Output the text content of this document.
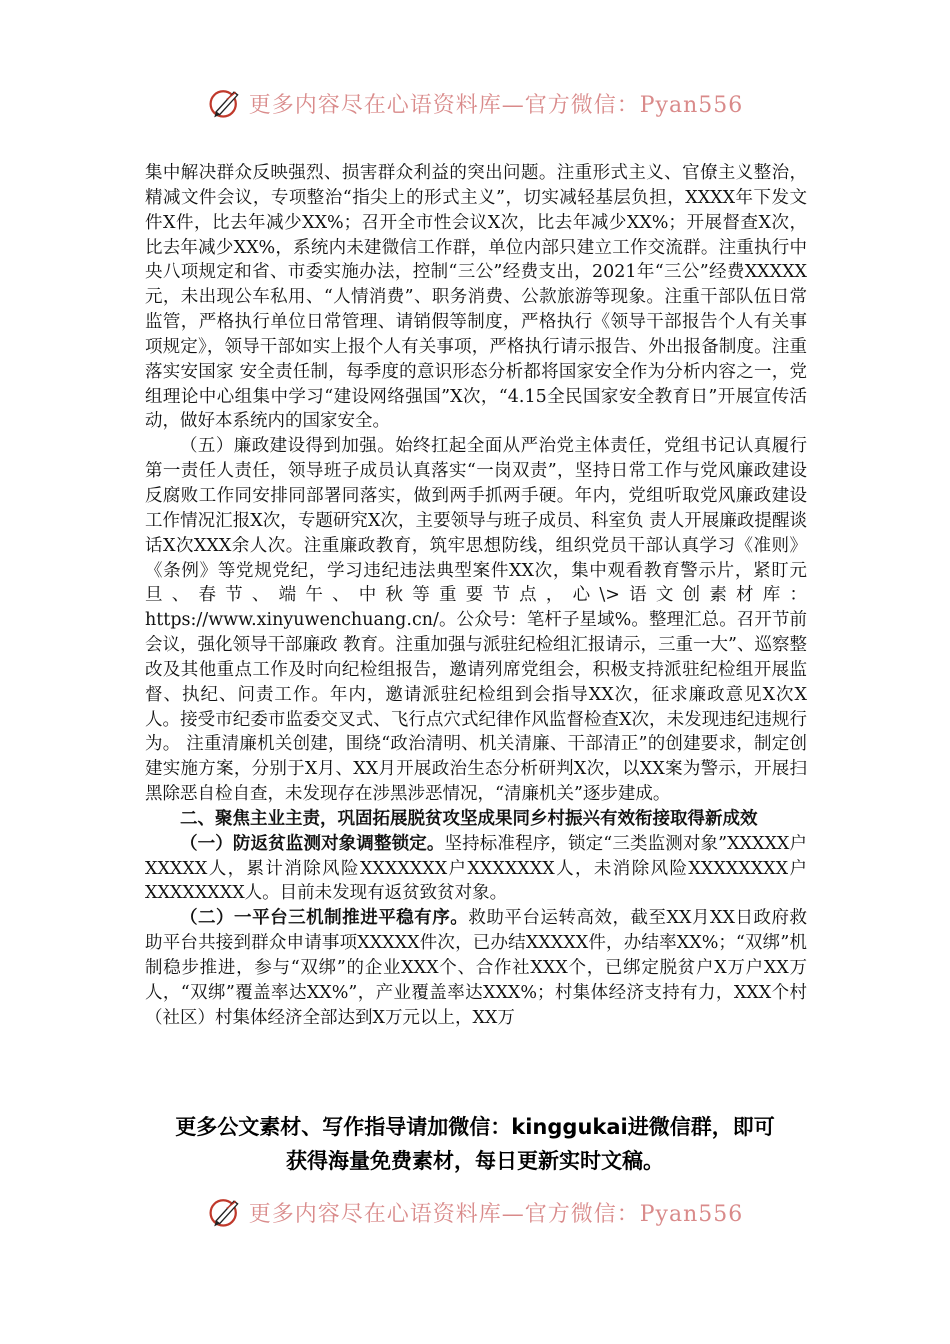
更多内容尽在心语资料库—官方微信：Pyan556

集中解决群众反映强烈、损害群众利益的突出问题。注重形式主义、官僚主义整治，精减文件会议，专项整治“指尖上的形式主义”，切实减轻基层负担，XXXX年下发文件X件，比去年减少XX%；召开全市性会议X次，比去年减少XX%；开展督查X次，比去年减少XX%，系统内未建微信工作群，单位内部只建立工作交流群。注重执行中央八项规定和省、市委实施办法，控制“三公”经费支出，2021年“三公”经费XXXXX元，未出现公车私用、“人情消费”、职务消费、公款旅游等现象。注重干部队伍日常监管，严格执行单位日常管理、请销假等制度，严格执行《领导干部报告个人有关事项规定》，领导干部如实上报个人有关事项，严格执行请示报告、外出报备制度。注重落实安国家 安全责任制，每季度的意识形态分析都将国家安全作为分析内容之一，党组理论中心组集中学习“建设网络强国”X次，“4.15全民国家安全教育日”开展宣传活动，做好本系统内的国家安全。

（五）廉政建设得到加强。始终扛起全面从严治党主体责任，党组书记认真履行第一责任人责任，领导班子成员认真落实“一岗双责”，坚持日常工作与党风廉政建设反腐败工作同安排同部署同落实，做到两手抓两手硬。年内，党组听取党风廉政建设工作情况汇报X次，专题研究X次，主要领导与班子成员、科室负 责人开展廉政提醒谈话X次XXX余人次。注重廉政教育，筑牢思想防线，组织党员干部认真学习《准则》《条例》等党规党纪，学习违纪违法典型案件XX次，集中观看教育警示片，紧盯元旦、春节、端午、中秋等重要节点，心\>语文创素材库：https://www.xinyuwenchuang.cn/。公众号：笔杆子星域%。整理汇总。召开节前会议，强化领导干部廉政 教育。注重加强与派驻纪检组汇报请示，三重一大”、巡察整改及其他重点工作及时向纪检组报告，邀请列席党组会，积极支持派驻纪检组开展监督、执纪、问责工作。年内，邀请派驻纪检组到会指导XX次，征求廉政意见X次X人。接受市纪委市监委交叉式、飞行点穴式纪律作风监督检查X次，未发现违纪违规行为。 注重清廉机关创建，围绕“政治清明、机关清廉、干部清正”的创建要求，制定创建实施方案，分别于X月、XX月开展政治生态分析研判X次，以XX案为警示，开展扫黑除恶自检自查，未发现存在涉黑涉恶情况，“清廉机关”逐步建成。

二、聚焦主业主责，巩固拓展脱贫攻坚成果同乡村振兴有效衔接取得新成效

（一）防返贫监测对象调整锁定。坚持标准程序，锁定“三类监测对象”XXXXX户XXXXX人，累计消除风险XXXXXXX户XXXXXXX人，未消除风险XXXXXXXX户XXXXXXXX人。目前未发现有返贫致贫对象。

（二）一平台三机制推进平稳有序。救助平台运转高效，截至XX月XX日政府救助平台共接到群众申请事项XXXXX件次，已办结XXXXX件，办结率XX%；“双绑”机制稳步推进，参与“双绑”的企业XXX个、合作社XXX个，已绑定脱贫户X万户XX万人，“双绑”覆盖率达XX%”，产业覆盖率达XXX%；村集体经济支持有力，XXX个村（社区）村集体经济全部达到X万元以上，XX万

更多公文素材、写作指导请加微信：kinggukai进微信群，即可
获得海量免费素材，每日更新实时文稿。
更多内容尽在心语资料库—官方微信：Pyan556
